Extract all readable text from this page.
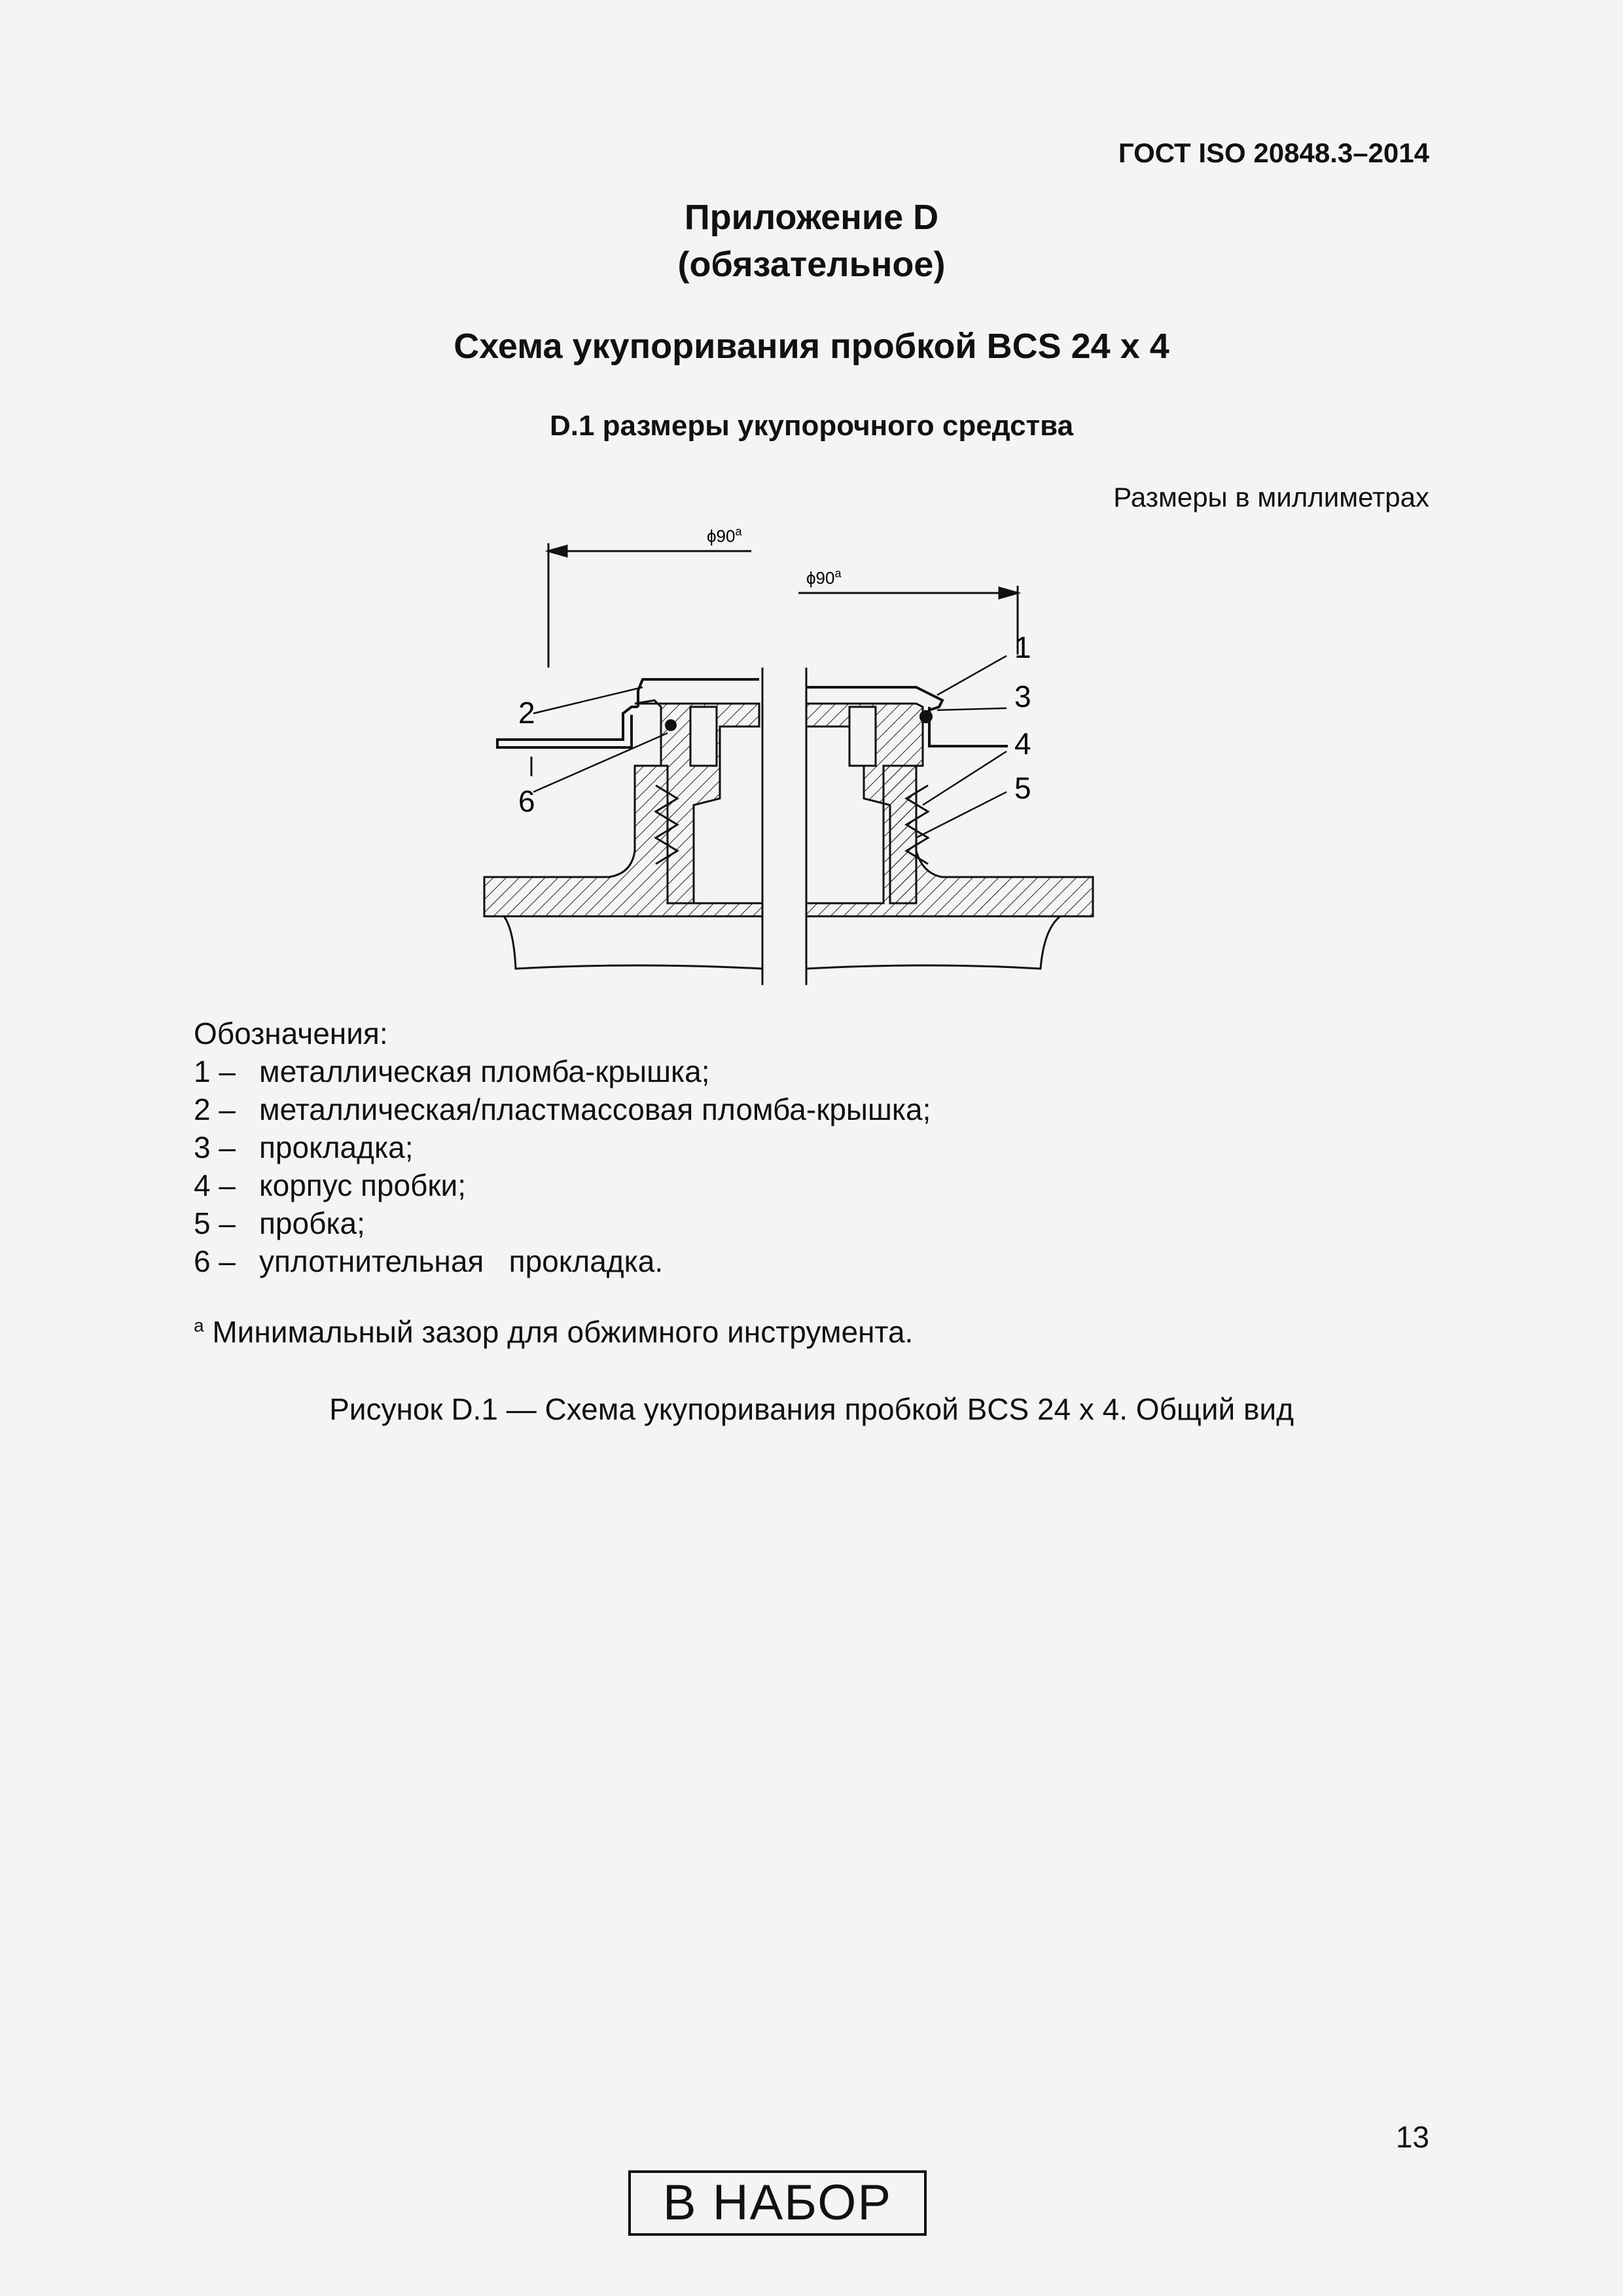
ГОСТ ISO 20848.3–2014
Приложение D
(обязательное)
Схема укупоривания пробкой BCS 24 х 4
D.1 размеры укупорочного средства
Размеры в миллиметрах
ϕ90$^a$
ϕ90$^a$
1
2	3
4
5
6
Обозначения:
1 – металлическая пломба-крышка;
2 – металлическая/пластмассовая пломба-крышка;
3 – прокладка;
4 – корпус пробки;
5 – пробка;
6 – уплотнительная   прокладка.
$^a$ Минимальный зазор для обжимного инструмента.
Рисунок D.1 — Схема укупоривания пробкой BCS 24 х 4. Общий вид
13
В НАБОР
